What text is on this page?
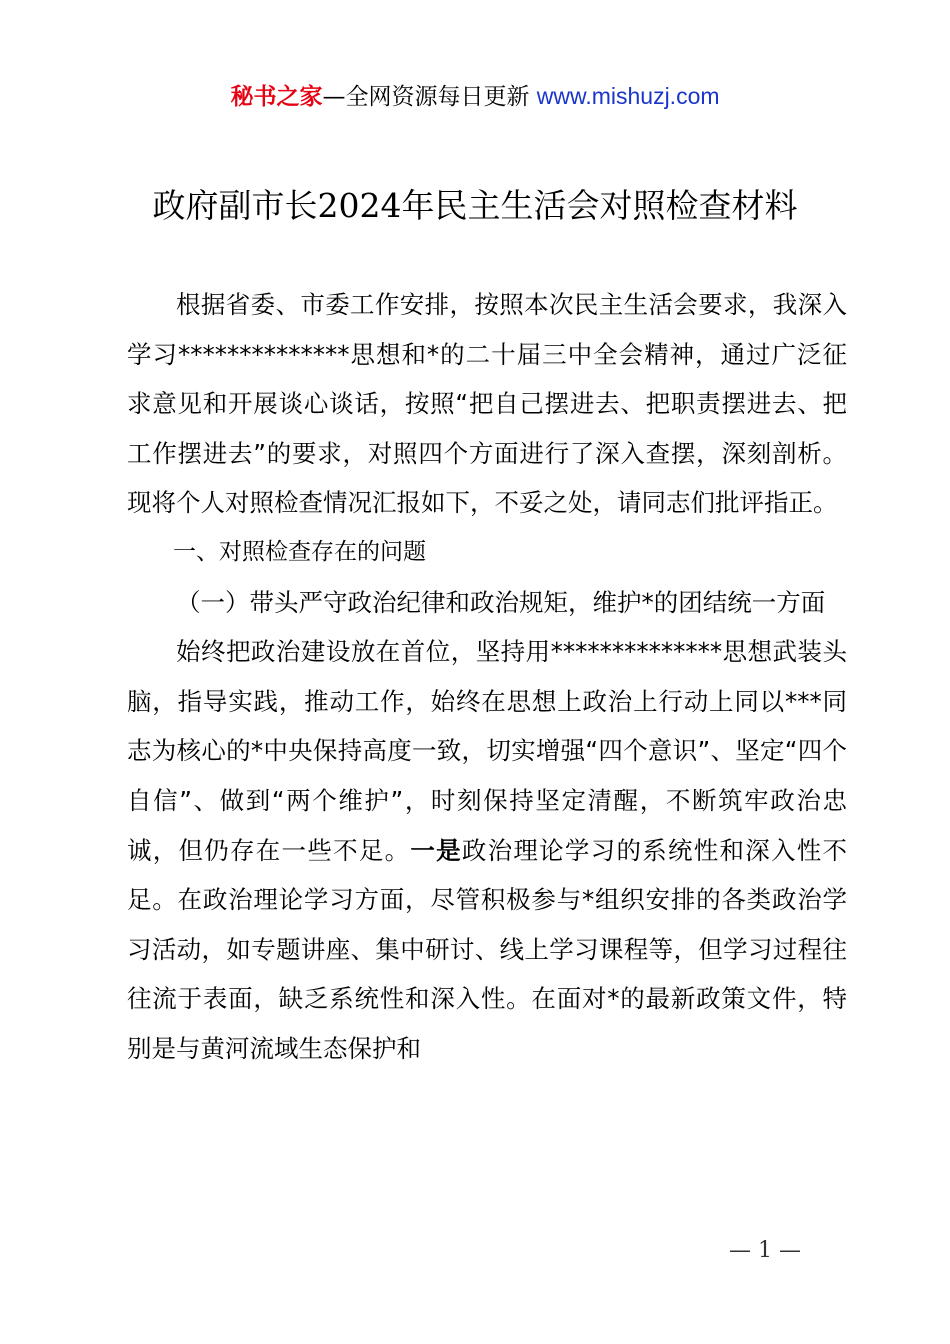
秘书之家—全网资源每日更新 www.mishuzj.com
政府副市长2024年民主生活会对照检查材料

根据省委、市委工作安排，按照本次民主生活会要求，我深入学习**************思想和*的二十届三中全会精神，通过广泛征求意见和开展谈心谈话，按照“把自己摆进去、把职责摆进去、把工作摆进去”的要求，对照四个方面进行了深入查摆，深刻剖析。现将个人对照检查情况汇报如下，不妥之处，请同志们批评指正。

一、对照检查存在的问题

（一）带头严守政治纪律和政治规矩，维护*的团结统一方面

始终把政治建设放在首位，坚持用**************思想武装头脑，指导实践，推动工作，始终在思想上政治上行动上同以***同志为核心的*中央保持高度一致，切实增强“四个意识”、坚定“四个自信”、做到“两个维护”，时刻保持坚定清醒，不断筑牢政治忠诚，但仍存在一些不足。一是政治理论学习的系统性和深入性不足。在政治理论学习方面，尽管积极参与*组织安排的各类政治学习活动，如专题讲座、集中研讨、线上学习课程等，但学习过程往往流于表面，缺乏系统性和深入性。在面对*的最新政策文件，特别是与黄河流域生态保护和

— 1 —
